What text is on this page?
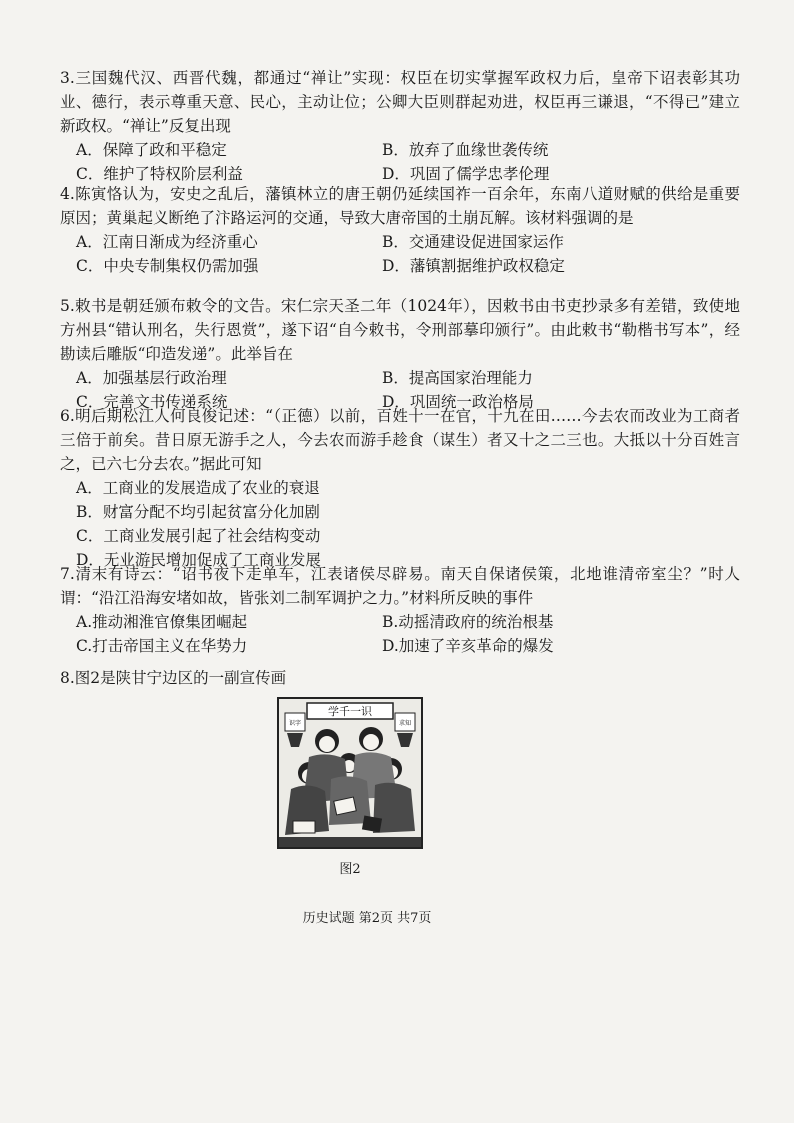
3.三国魏代汉、西晋代魏，都通过“禅让”实现：权臣在切实掌握军政权力后，皇帝下诏表彰其功业、德行，表示尊重天意、民心，主动让位；公卿大臣则群起劝进，权臣再三谦退，“不得已”建立新政权。“禅让”反复出现

A．保障了政和平稳定	B．放弃了血缘世袭传统
C．维护了特权阶层利益	D．巩固了儒学忠孝伦理

4.陈寅恪认为，安史之乱后，藩镇林立的唐王朝仍延续国祚一百余年，东南八道财赋的供给是重要原因；黄巢起义断绝了汴路运河的交通，导致大唐帝国的土崩瓦解。该材料强调的是

A．江南日渐成为经济重心	B．交通建设促进国家运作
C．中央专制集权仍需加强	D．藩镇割据维护政权稳定

5.敕书是朝廷颁布敕令的文告。宋仁宗天圣二年（1024年），因敕书由书吏抄录多有差错，致使地方州县“错认刑名，失行恩赏”，遂下诏“自今敕书，令刑部摹印颁行”。由此敕书“勒楷书写本”，经勘读后雕版“印造发递”。此举旨在

A．加强基层行政治理	B．提高国家治理能力
C．完善文书传递系统	D．巩固统一政治格局

6.明后期松江人何良俊记述：“（正德）以前，百姓十一在官，十九在田……今去农而改业为工商者三倍于前矣。昔日原无游手之人，今去农而游手趁食（谋生）者又十之二三也。大抵以十分百姓言之，已六七分去农。”据此可知

A．工商业的发展造成了农业的衰退
B．财富分配不均引起贫富分化加剧
C．工商业发展引起了社会结构变动
D．无业游民增加促成了工商业发展

7.清末有诗云：“诏书夜下走单车，江表诸侯尽辟易。南天自保诸侯策，北地谁清帝室尘？”时人谓：“沿江沿海安堵如故，皆张刘二制军调护之力。”材料所反映的事件

A.推动湘淮官僚集团崛起	B.动摇清政府的统治根基
C.打击帝国主义在华势力	D.加速了辛亥革命的爆发

8.图2是陕甘宁边区的一副宣传画

学千一识
识字	求知
图2
历史试题 第2页 共7页
